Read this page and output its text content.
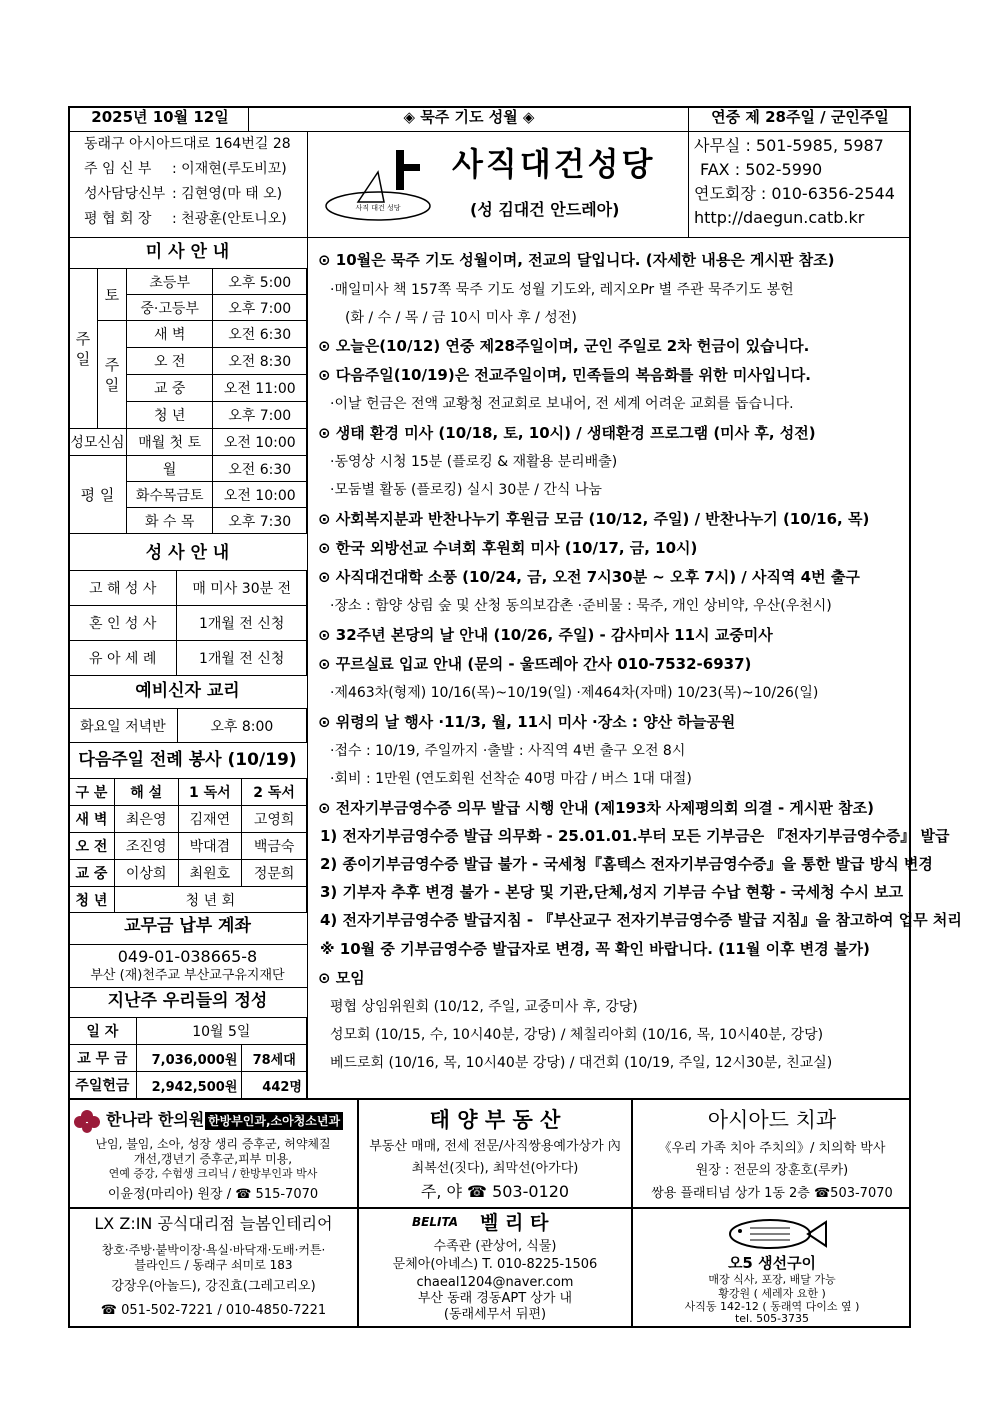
2025년 10월 12일	◈ 묵주 기도 성월 ◈	연중 제 28주일 / 군인주일
동래구 아시아드대로 164번길 28
주 임 신 부 : 이재현(루도비꼬)
성사담당신부 : 김현영(마 태 오)
평 협 회 장 : 천광훈(안토니오)
사직 대건 성당
사직대건성당
(성 김대건 안드레아)
사무실 : 501-5985, 5987
FAX : 502-5990
연도회장 : 010-6356-2544
http://daegun.catb.kr
미 사 안 내
주 일	토	초등부	오후 5:00
		중·고등부	오후 7:00
	주 일	새 벽	오전 6:30
		오 전	오전 8:30
		교 중	오전 11:00
		청 년	오후 7:00
성모신심		매월 첫 토	오전 10:00
평 일		월	오전 6:30
		화수목금토	오전 10:00
		화 수 목	오후 7:30
성 사 안 내
고 해 성 사	매 미사 30분 전
혼 인 성 사	1개월 전 신청
유 아 세 례	1개월 전 신청
예비신자 교리
화요일 저녁반	오후 8:00
다음주일 전례 봉사 (10/19)
구 분	해 설	1 독서	2 독서
새 벽	최은영	김재연	고영희
오 전	조진영	박대겸	백금숙
교 중	이상희	최원호	정문희
청 년	청 년 회		
교무금 납부 계좌
049-01-038665-8
부산 (재)천주교 부산교구유지재단
지난주 우리들의 정성
일 자	10월 5일	
교 무 금	7,036,000원	78세대
주일헌금	2,942,500원	442명
⊙ 10월은 묵주 기도 성월이며, 전교의 달입니다. (자세한 내용은 게시판 참조)
·매일미사 책 157쪽 묵주 기도 성월 기도와, 레지오Pr 별 주관 묵주기도 봉헌
(화 / 수 / 목 / 금 10시 미사 후 / 성전)
⊙ 오늘은(10/12) 연중 제28주일이며, 군인 주일로 2차 헌금이 있습니다.
⊙ 다음주일(10/19)은 전교주일이며, 민족들의 복음화를 위한 미사입니다.
·이날 헌금은 전액 교황청 전교회로 보내어, 전 세계 어려운 교회를 돕습니다.
⊙ 생태 환경 미사 (10/18, 토, 10시) / 생태환경 프로그램 (미사 후, 성전)
·동영상 시청 15분 (플로킹 & 재활용 분리배출)
·모둠별 활동 (플로킹) 실시 30분 / 간식 나눔
⊙ 사회복지분과 반찬나누기 후원금 모금 (10/12, 주일) / 반찬나누기 (10/16, 목)
⊙ 한국 외방선교 수녀회 후원회 미사 (10/17, 금, 10시)
⊙ 사직대건대학 소풍 (10/24, 금, 오전 7시30분 ~ 오후 7시) / 사직역 4번 출구
·장소 : 함양 상림 숲 및 산청 동의보감촌 ·준비물 : 묵주, 개인 상비약, 우산(우천시)
⊙ 32주년 본당의 날 안내 (10/26, 주일) - 감사미사 11시 교중미사
⊙ 꾸르실료 입교 안내 (문의 - 울뜨레아 간사 010-7532-6937)
·제463차(형제) 10/16(목)~10/19(일) ·제464차(자매) 10/23(목)~10/26(일)
⊙ 위령의 날 행사 ·11/3, 월, 11시 미사 ·장소 : 양산 하늘공원
·접수 : 10/19, 주일까지 ·출발 : 사직역 4번 출구 오전 8시
·회비 : 1만원 (연도회원 선착순 40명 마감 / 버스 1대 대절)
⊙ 전자기부금영수증 의무 발급 시행 안내 (제193차 사제평의회 의결 - 게시판 참조)
1) 전자기부금영수증 발급 의무화 - 25.01.01.부터 모든 기부금은 『전자기부금영수증』 발급
2) 종이기부금영수증 발급 불가 - 국세청『홈텍스 전자기부금영수증』을 통한 발급 방식 변경
3) 기부자 추후 변경 불가 - 본당 및 기관,단체,성지 기부금 수납 현황 - 국세청 수시 보고
4) 전자기부금영수증 발급지침 - 『부산교구 전자기부금영수증 발급 지침』을 참고하여 업무 처리
※ 10월 중 기부금영수증 발급자로 변경, 꼭 확인 바랍니다. (11월 이후 변경 불가)
⊙ 모임
평협 상임위원회 (10/12, 주일, 교중미사 후, 강당)
성모회 (10/15, 수, 10시40분, 강당) / 체칠리아회 (10/16, 목, 10시40분, 강당)
베드로회 (10/16, 목, 10시40분 강당) / 대건회 (10/19, 주일, 12시30분, 친교실)
한나라 한의원 한방부인과,소아청소년과
난임, 불임, 소아, 성장 생리 증후군, 허약체질
개선,갱년기 증후군,피부 미용,
연예 증강, 수험생 크리닉 / 한방부인과 박사
이윤정(마리아) 원장 / ☎ 515-7070
태 양 부 동 산
부동산 매매, 전세 전문/사직쌍용예가상가 內
최복선(짓다), 최막선(아가다)
주, 야 ☎ 503-0120
아시아드 치과
《우리 가족 치아 주치의》/ 치의학 박사
원장 : 전문의 장훈호(루카)
쌍용 플래티넘 상가 1동 2층 ☎503-7070
LX Z:IN 공식대리점 늘봄인테리어
창호·주방·붙박이장·욕실·바닥재·도배·커튼·
블라인드 / 동래구 쇠미로 183
강장우(아놀드), 강진효(그레고리오)
☎ 051-502-7221 / 010-4850-7221
BELITA 벨 리 타
수족관 (관상어, 식물)
문체아(아녜스) T. 010-8225-1506
chaeal1204@naver.com
부산 동래 경동APT 상가 내
(동래세무서 뒤편)
오5 생선구이
매장 식사, 포장, 배달 가능
황강원 ( 세레자 요한 )
사직동 142-12 ( 동래역 다이소 옆 )
tel. 505-3735
